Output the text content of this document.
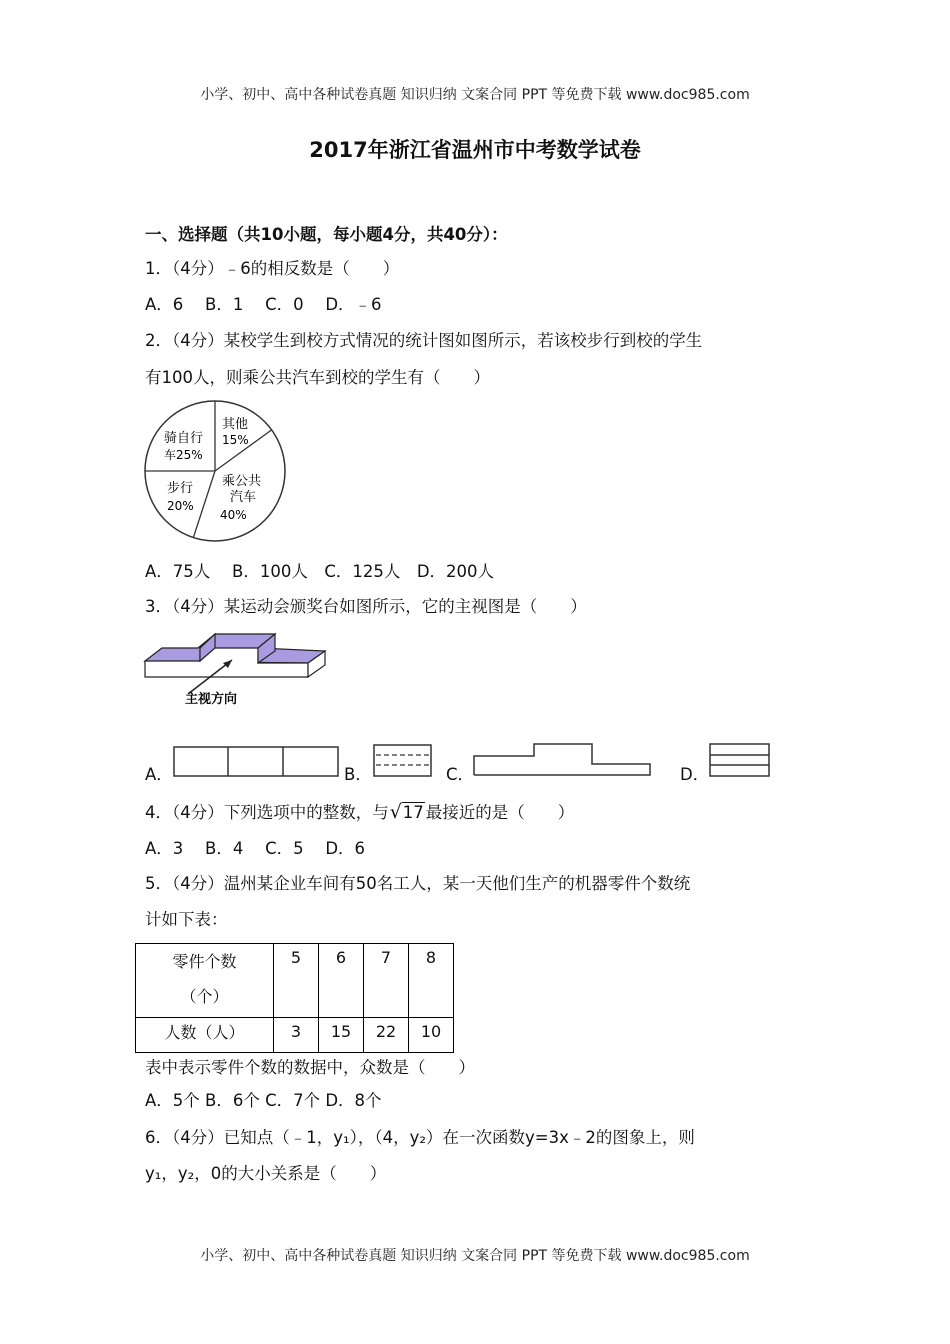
小学、初中、高中各种试卷真题 知识归纳 文案合同 PPT 等免费下载 www.doc985.com
2017年浙江省温州市中考数学试卷
一、选择题（共10小题，每小题4分，共40分）：
1．（4分）﹣6的相反数是（　　）
A．6　 B．1　 C．0　 D．﹣6
2．（4分）某校学生到校方式情况的统计图如图所示，若该校步行到校的学生
有100人，则乘公共汽车到校的学生有（　　）
其他
15%
乘公共
汽车
40%
步行
20%
骑自行
车25%
A．75人　 B．100人　C．125人　D．200人
3．（4分）某运动会颁奖台如图所示，它的主视图是（　　）
主视方向
A．	B．	C．	D．
4．（4分）下列选项中的整数，与 √ 17 最接近的是（　　）
A．3　 B．4　 C．5　 D．6
5．（4分）温州某企业车间有50名工人，某一天他们生产的机器零件个数统
计如下表：
零件个数
（个）	5	6	7	8
人数（人）	3	15	22	10
表中表示零件个数的数据中，众数是（　　）
A．5个 B．6个 C．7个 D．8个
6．（4分）已知点（﹣1，y₁），（4，y₂）在一次函数y=3x﹣2的图象上，则
y₁，y₂，0的大小关系是（　　）
小学、初中、高中各种试卷真题 知识归纳 文案合同 PPT 等免费下载 www.doc985.com
